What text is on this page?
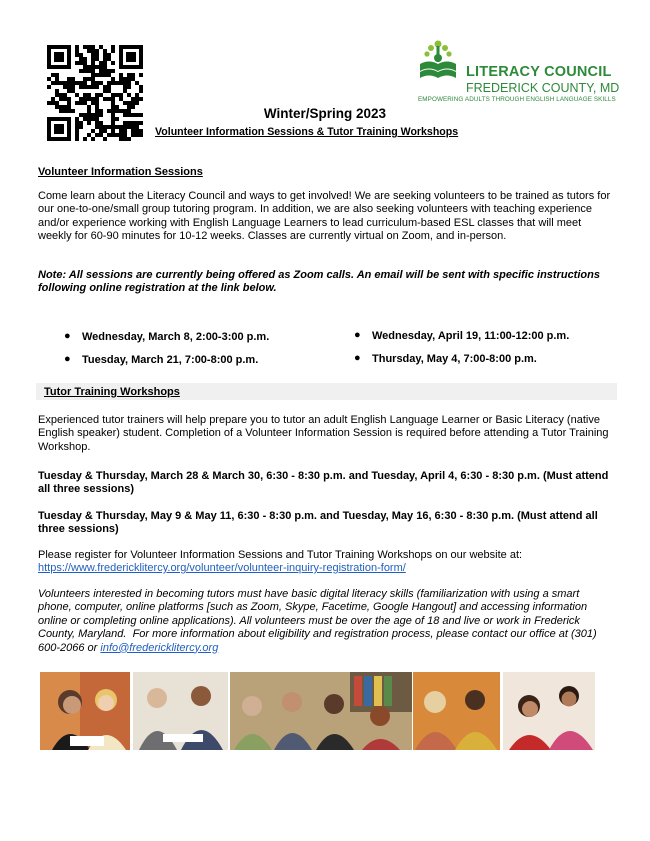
LITERACY COUNCIL
FREDERICK COUNTY, MD
EMPOWERING ADULTS THROUGH ENGLISH LANGUAGE SKILLS
Winter/Spring 2023
Volunteer Information Sessions & Tutor Training Workshops
Volunteer Information Sessions
Come learn about the Literacy Council and ways to get involved! We are seeking volunteers to be trained as tutors for our one-to-one/small group tutoring program. In addition, we are also seeking volunteers with teaching experience and/or experience working with English Language Learners to lead curriculum-based ESL classes that will meet weekly for 60-90 minutes for 10-12 weeks. Classes are currently virtual on Zoom, and in-person.
Note: All sessions are currently being offered as Zoom calls. An email will be sent with specific instructions following online registration at the link below.
● Wednesday, March 8, 2:00-3:00 p.m.
● Tuesday, March 21, 7:00-8:00 p.m.
● Wednesday, April 19, 11:00-12:00 p.m.
● Thursday, May 4, 7:00-8:00 p.m.
Tutor Training Workshops
Experienced tutor trainers will help prepare you to tutor an adult English Language Learner or Basic Literacy (native English speaker) student. Completion of a Volunteer Information Session is required before attending a Tutor Training Workshop.
Tuesday & Thursday, March 28 & March 30, 6:30 - 8:30 p.m. and Tuesday, April 4, 6:30 - 8:30 p.m. (Must attend all three sessions)
Tuesday & Thursday, May 9 & May 11, 6:30 - 8:30 p.m. and Tuesday, May 16, 6:30 - 8:30 p.m. (Must attend all three sessions)
Please register for Volunteer Information Sessions and Tutor Training Workshops on our website at:
https://www.fredericklitercy.org/volunteer/volunteer-inquiry-registration-form/
Volunteers interested in becoming tutors must have basic digital literacy skills (familiarization with using a smart phone, computer, online platforms [such as Zoom, Skype, Facetime, Google Hangout] and accessing information online or completing online applications). All volunteers must be over the age of 18 and live or work in Frederick County, Maryland. For more information about eligibility and registration process, please contact our office at (301) 600-2066 or info@fredericklitercy.org
